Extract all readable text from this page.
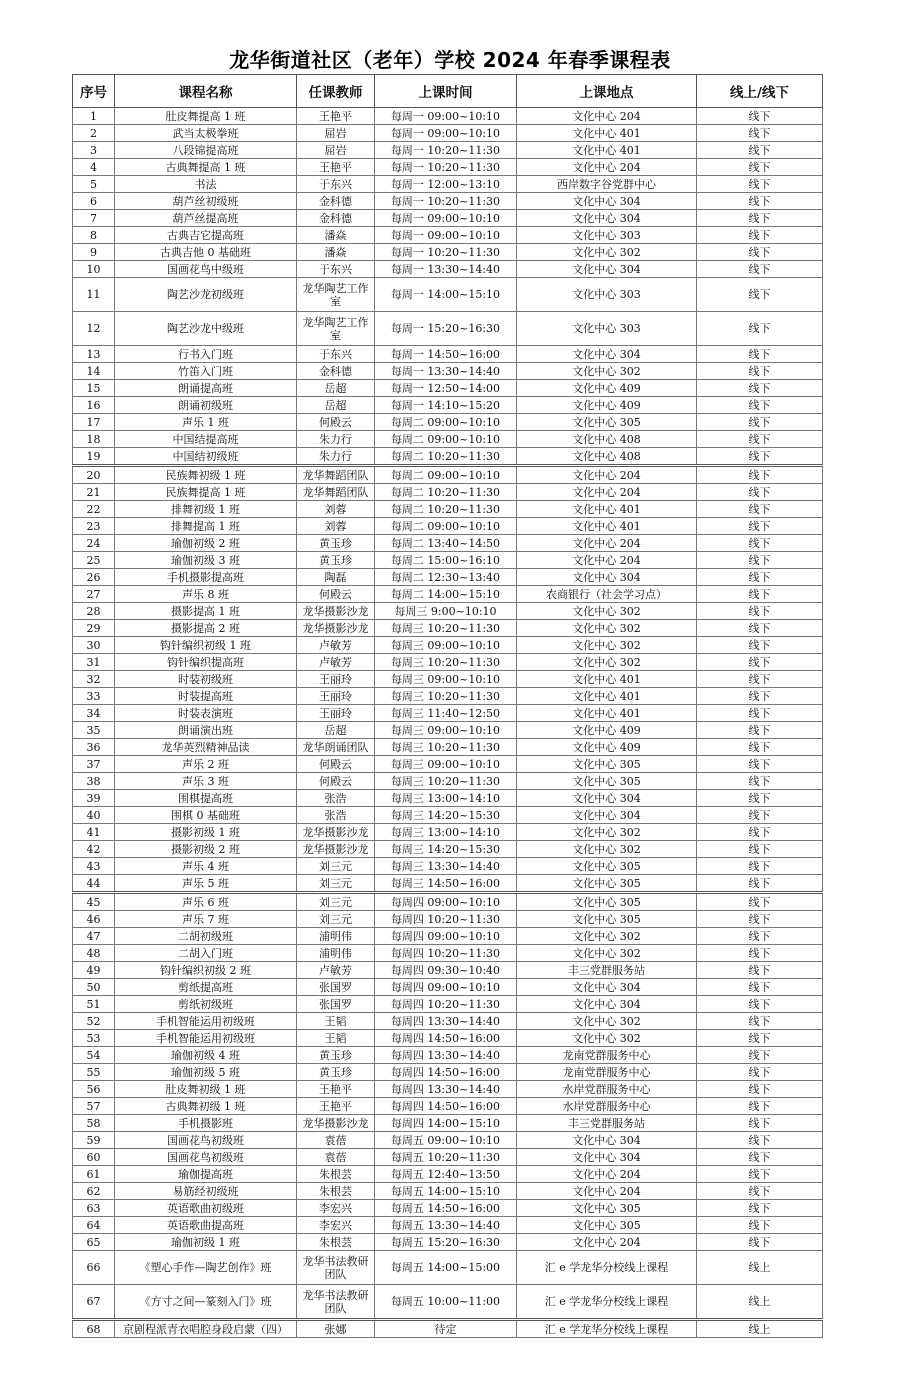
龙华街道社区（老年）学校 2024 年春季课程表
序号	课程名称	任课教师	上课时间	上课地点	线上/线下
1	肚皮舞提高 1 班	王艳平	每周一 09:00~10:10	文化中心 204	线下
2	武当太极拳班	屈岩	每周一 09:00~10:10	文化中心 401	线下
3	八段锦提高班	屈岩	每周一 10:20~11:30	文化中心 401	线下
4	古典舞提高 1 班	王艳平	每周一 10:20~11:30	文化中心 204	线下
5	书法	于东兴	每周一 12:00~13:10	西岸数字谷党群中心	线下
6	葫芦丝初级班	金科德	每周一 10:20~11:30	文化中心 304	线下
7	葫芦丝提高班	金科德	每周一 09:00~10:10	文化中心 304	线下
8	古典吉它提高班	潘焱	每周一 09:00~10:10	文化中心 303	线下
9	古典吉他 0 基础班	潘焱	每周一 10:20~11:30	文化中心 302	线下
10	国画花鸟中级班	于东兴	每周一 13:30~14:40	文化中心 304	线下
11	陶艺沙龙初级班	龙华陶艺工作室	每周一 14:00~15:10	文化中心 303	线下
12	陶艺沙龙中级班	龙华陶艺工作室	每周一 15:20~16:30	文化中心 303	线下
13	行书入门班	于东兴	每周一 14:50~16:00	文化中心 304	线下
14	竹笛入门班	金科德	每周一 13:30~14:40	文化中心 302	线下
15	朗诵提高班	岳超	每周一 12:50~14:00	文化中心 409	线下
16	朗诵初级班	岳超	每周一 14:10~15:20	文化中心 409	线下
17	声乐 1 班	何殿云	每周二 09:00~10:10	文化中心 305	线下
18	中国结提高班	朱力行	每周二 09:00~10:10	文化中心 408	线下
19	中国结初级班	朱力行	每周二 10:20~11:30	文化中心 408	线下
20	民族舞初级 1 班	龙华舞蹈团队	每周二 09:00~10:10	文化中心 204	线下
21	民族舞提高 1 班	龙华舞蹈团队	每周二 10:20~11:30	文化中心 204	线下
22	排舞初级 1 班	刘蓉	每周二 10:20~11:30	文化中心 401	线下
23	排舞提高 1 班	刘蓉	每周二 09:00~10:10	文化中心 401	线下
24	瑜伽初级 2 班	黄玉珍	每周二 13:40~14:50	文化中心 204	线下
25	瑜伽初级 3 班	黄玉珍	每周二 15:00~16:10	文化中心 204	线下
26	手机摄影提高班	陶磊	每周二 12:30~13:40	文化中心 304	线下
27	声乐 8 班	何殿云	每周二 14:00~15:10	农商银行（社会学习点）	线下
28	摄影提高 1 班	龙华摄影沙龙	每周三 9:00~10:10	文化中心 302	线下
29	摄影提高 2 班	龙华摄影沙龙	每周三 10:20~11:30	文化中心 302	线下
30	钩针编织初级 1 班	卢敏芳	每周三 09:00~10:10	文化中心 302	线下
31	钩针编织提高班	卢敏芳	每周三 10:20~11:30	文化中心 302	线下
32	时装初级班	王丽玲	每周三 09:00~10:10	文化中心 401	线下
33	时装提高班	王丽玲	每周三 10:20~11:30	文化中心 401	线下
34	时装表演班	王丽玲	每周三 11:40~12:50	文化中心 401	线下
35	朗诵演出班	岳超	每周三 09:00~10:10	文化中心 409	线下
36	龙华英烈精神品读	龙华朗诵团队	每周三 10:20~11:30	文化中心 409	线下
37	声乐 2 班	何殿云	每周三 09:00~10:10	文化中心 305	线下
38	声乐 3 班	何殿云	每周三 10:20~11:30	文化中心 305	线下
39	围棋提高班	张浩	每周三 13:00~14:10	文化中心 304	线下
40	围棋 0 基础班	张浩	每周三 14:20~15:30	文化中心 304	线下
41	摄影初级 1 班	龙华摄影沙龙	每周三 13:00~14:10	文化中心 302	线下
42	摄影初级 2 班	龙华摄影沙龙	每周三 14:20~15:30	文化中心 302	线下
43	声乐 4 班	刘三元	每周三 13:30~14:40	文化中心 305	线下
44	声乐 5 班	刘三元	每周三 14:50~16:00	文化中心 305	线下
45	声乐 6 班	刘三元	每周四 09:00~10:10	文化中心 305	线下
46	声乐 7 班	刘三元	每周四 10:20~11:30	文化中心 305	线下
47	二胡初级班	浦明伟	每周四 09:00~10:10	文化中心 302	线下
48	二胡入门班	浦明伟	每周四 10:20~11:30	文化中心 302	线下
49	钩针编织初级 2 班	卢敏芳	每周四 09:30~10:40	丰三党群服务站	线下
50	剪纸提高班	张国罗	每周四 09:00~10:10	文化中心 304	线下
51	剪纸初级班	张国罗	每周四 10:20~11:30	文化中心 304	线下
52	手机智能运用初级班	王韬	每周四 13:30~14:40	文化中心 302	线下
53	手机智能运用初级班	王韬	每周四 14:50~16:00	文化中心 302	线下
54	瑜伽初级 4 班	黄玉珍	每周四 13:30~14:40	龙南党群服务中心	线下
55	瑜伽初级 5 班	黄玉珍	每周四 14:50~16:00	龙南党群服务中心	线下
56	肚皮舞初级 1 班	王艳平	每周四 13:30~14:40	水岸党群服务中心	线下
57	古典舞初级 1 班	王艳平	每周四 14:50~16:00	水岸党群服务中心	线下
58	手机摄影班	龙华摄影沙龙	每周四 14:00~15:10	丰三党群服务站	线下
59	国画花鸟初级班	袁蓓	每周五 09:00~10:10	文化中心 304	线下
60	国画花鸟初级班	袁蓓	每周五 10:20~11:30	文化中心 304	线下
61	瑜伽提高班	朱根芸	每周五 12:40~13:50	文化中心 204	线下
62	易筋经初级班	朱根芸	每周五 14:00~15:10	文化中心 204	线下
63	英语歌曲初级班	李宏兴	每周五 14:50~16:00	文化中心 305	线下
64	英语歌曲提高班	李宏兴	每周五 13:30~14:40	文化中心 305	线下
65	瑜伽初级 1 班	朱根芸	每周五 15:20~16:30	文化中心 204	线下
66	《塑心手作—陶艺创作》班	龙华书法教研团队	每周五 14:00~15:00	汇 e 学龙华分校线上课程	线上
67	《方寸之间—篆刻入门》班	龙华书法教研团队	每周五 10:00~11:00	汇 e 学龙华分校线上课程	线上
68	京剧程派青衣唱腔身段启蒙（四）	张娜	待定	汇 e 学龙华分校线上课程	线上
